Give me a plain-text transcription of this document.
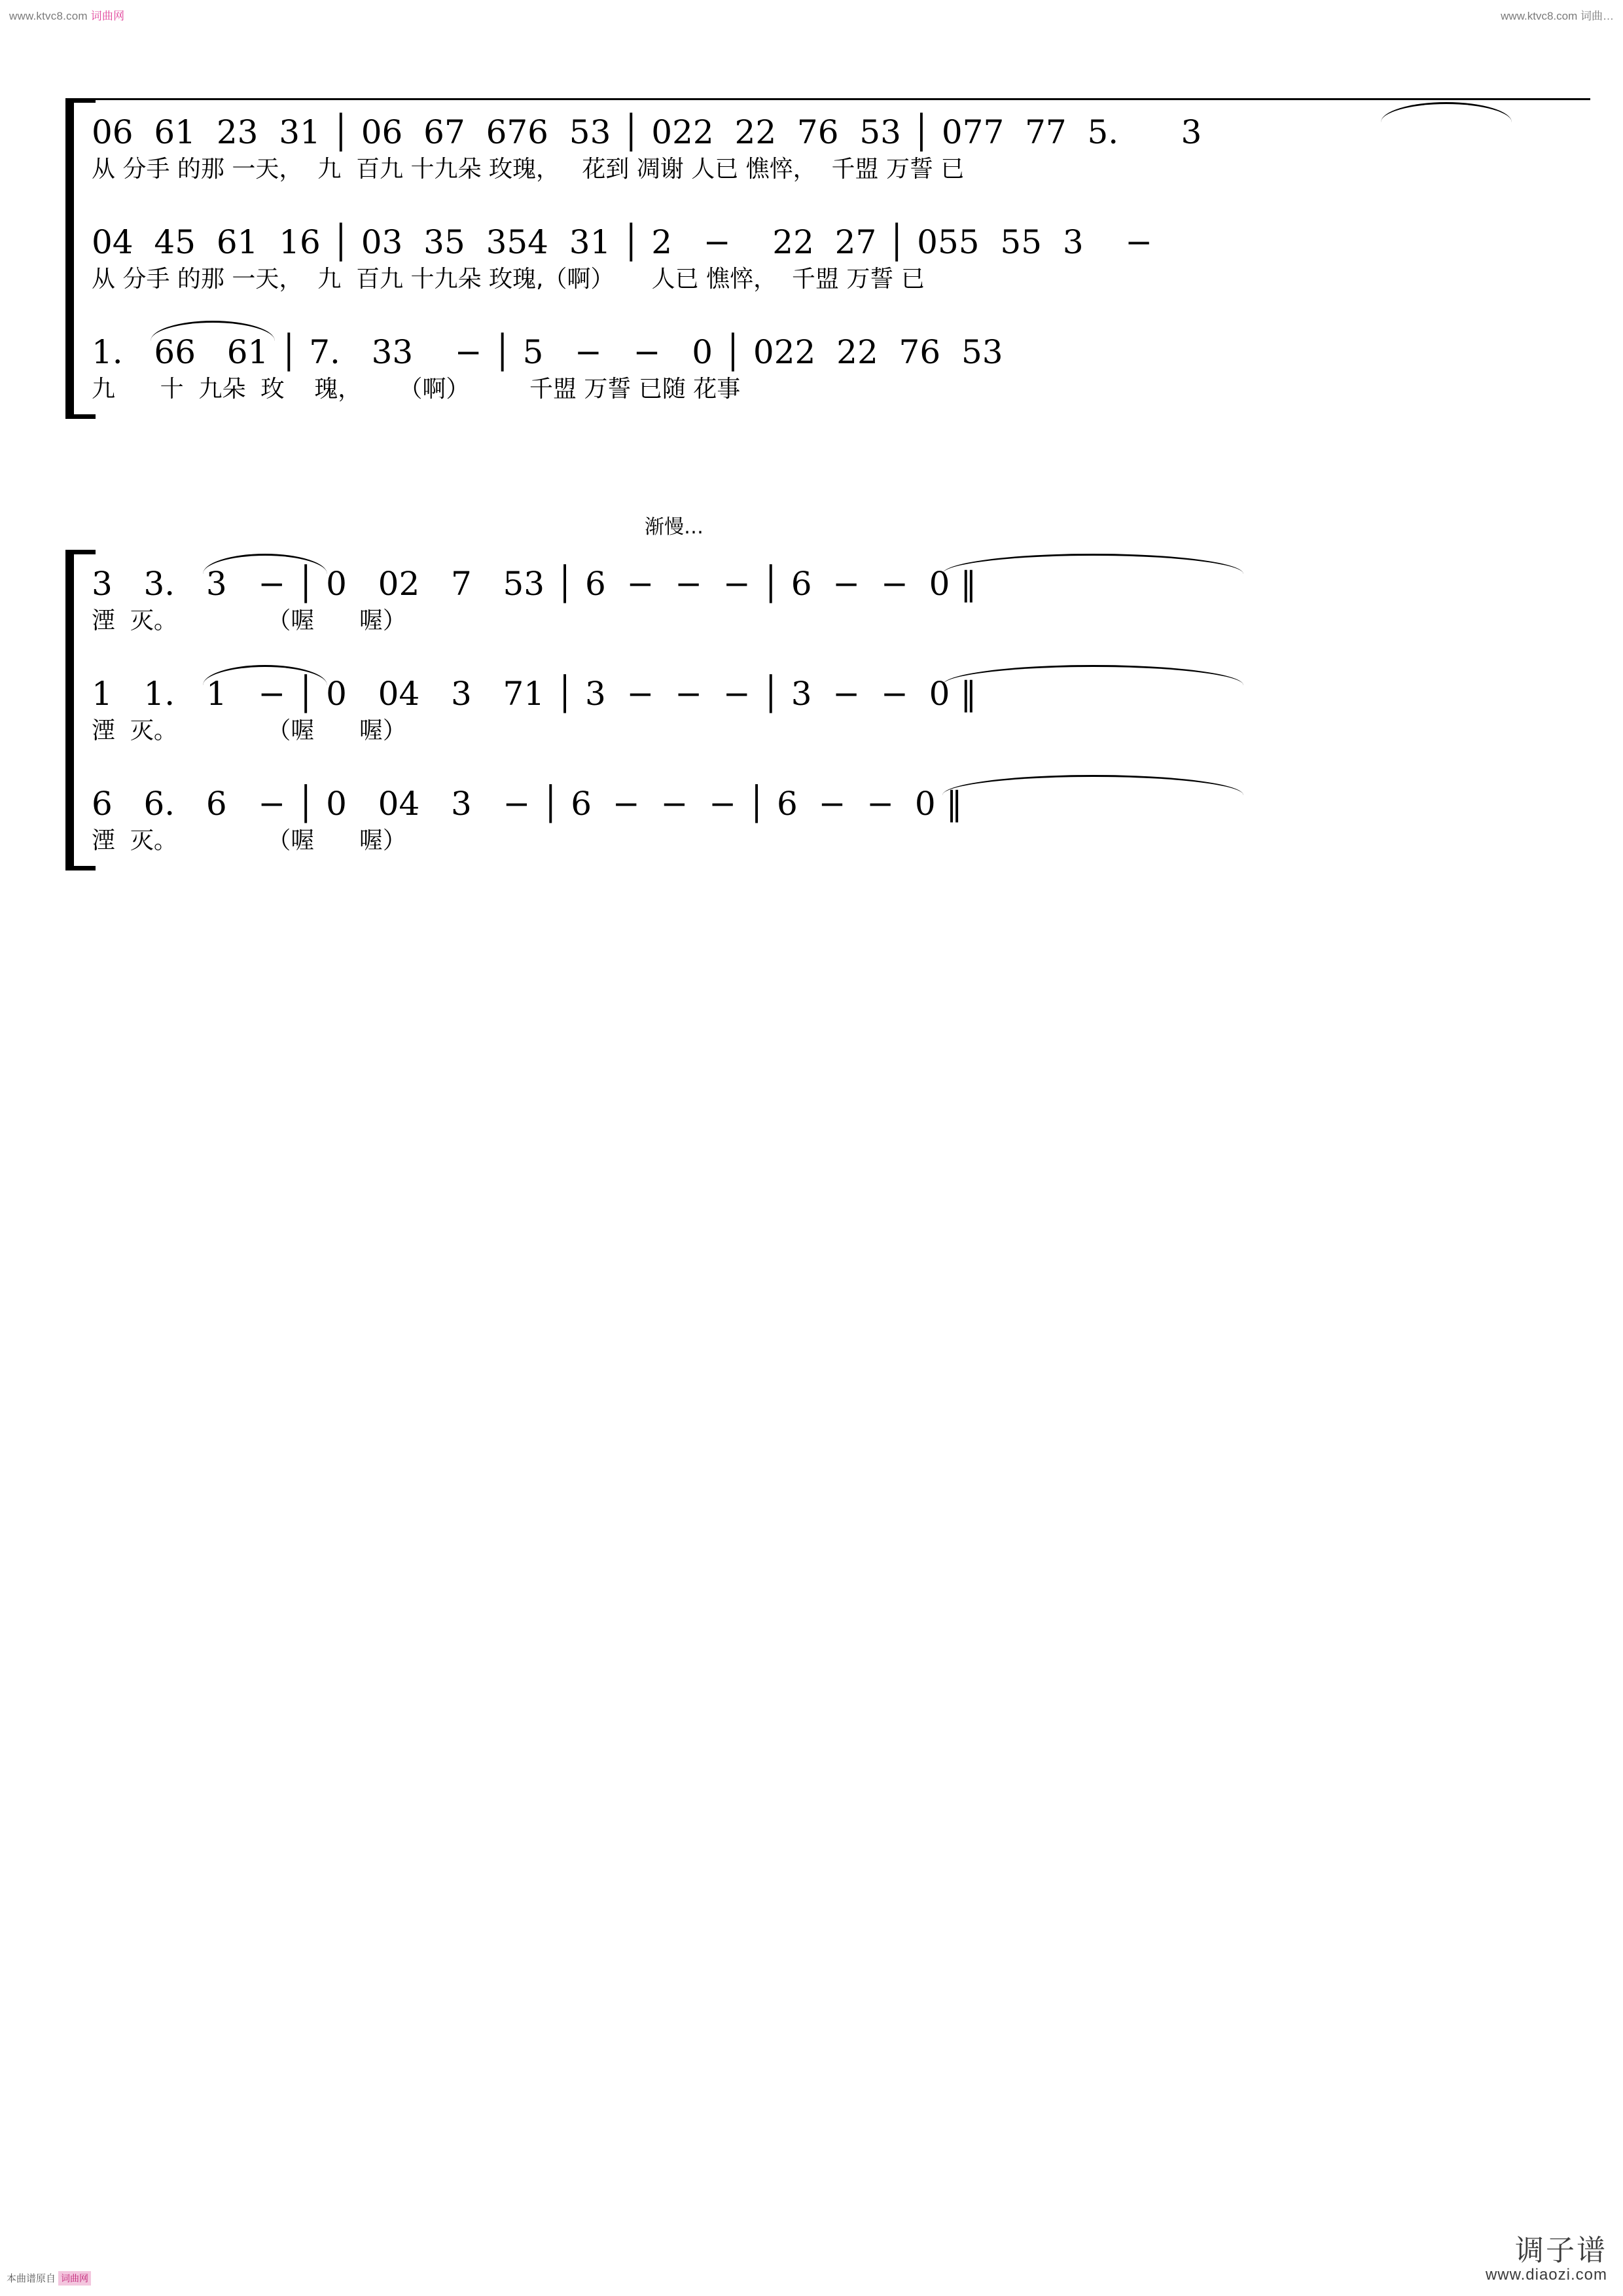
www.ktvc8.com 词曲网	www.ktvc8.com 词曲…
06  61  23  31 │ 06  67  676  53 │ 022  22  76  53 │ 077  77  5.      3
从 分手 的那 一天，  九  百九 十九朵 玫瑰，   花到 凋谢 人已 憔悴，  千盟 万誓 已
04  45  61  16 │ 03  35  354  31 │ 2   −    22  27 │ 055  55  3    −
从 分手 的那 一天，  九  百九 十九朵 玫瑰,（啊）     人已 憔悴，  千盟 万誓 已
1.   66   61 │ 7.   33    − │ 5   −   −   0 │ 022  22  76  53
九      十  九朵  玫    瑰，     （啊）        千盟 万誓 已随 花事
3   3.   3   − │ 0   02   7   53 │ 6  −  −  − │ 6  −  −  0 ‖
湮  灭。            （喔      喔）
1   1.   1   − │ 0   04   3   71 │ 3  −  −  − │ 3  −  −  0 ‖
湮  灭。            （喔      喔）
6   6.   6   − │ 0   04   3   − │ 6  −  −  − │ 6  −  −  0 ‖
湮  灭。            （喔      喔）
渐慢…
本曲谱原自 词曲网
调子谱
www.diaozi.com
